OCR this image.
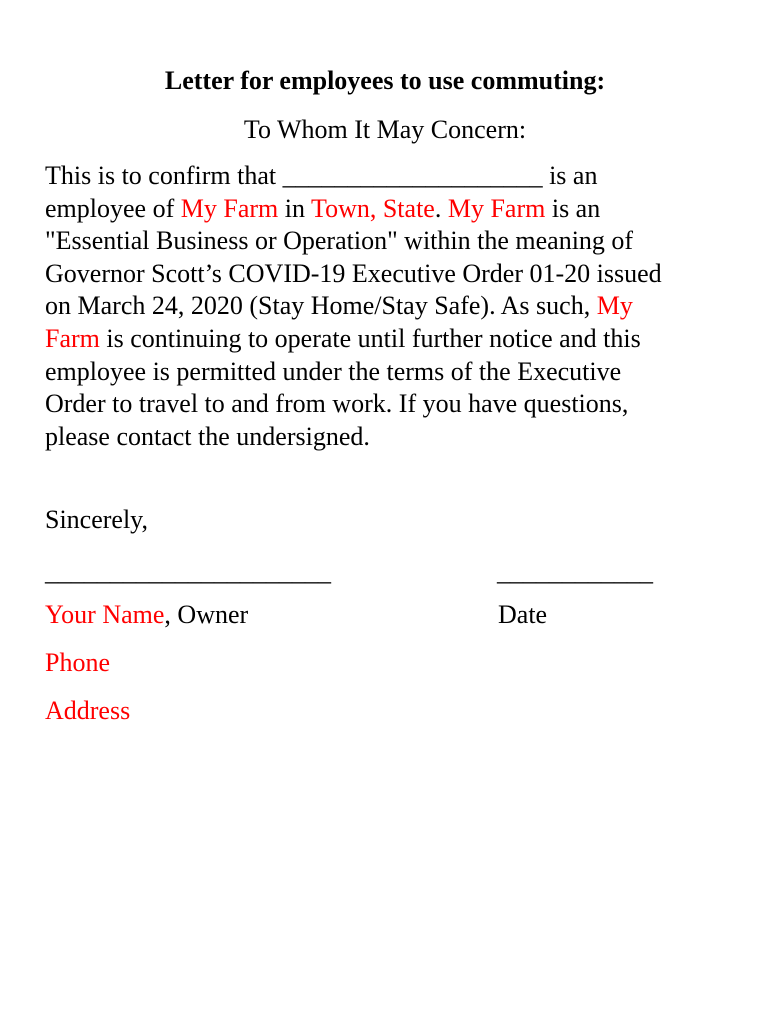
Letter for employees to use commuting:
To Whom It May Concern:
This is to confirm that ____________________ is an
employee of My Farm in Town, State. My Farm is an
"Essential Business or Operation" within the meaning of
Governor Scott’s COVID-19 Executive Order 01-20 issued
on March 24, 2020 (Stay Home/Stay Safe). As such, My
Farm is continuing to operate until further notice and this
employee is permitted under the terms of the Executive
Order to travel to and from work. If you have questions,
please contact the undersigned.
Sincerely,
______________________	____________
Your Name, Owner	Date
Phone
Address
